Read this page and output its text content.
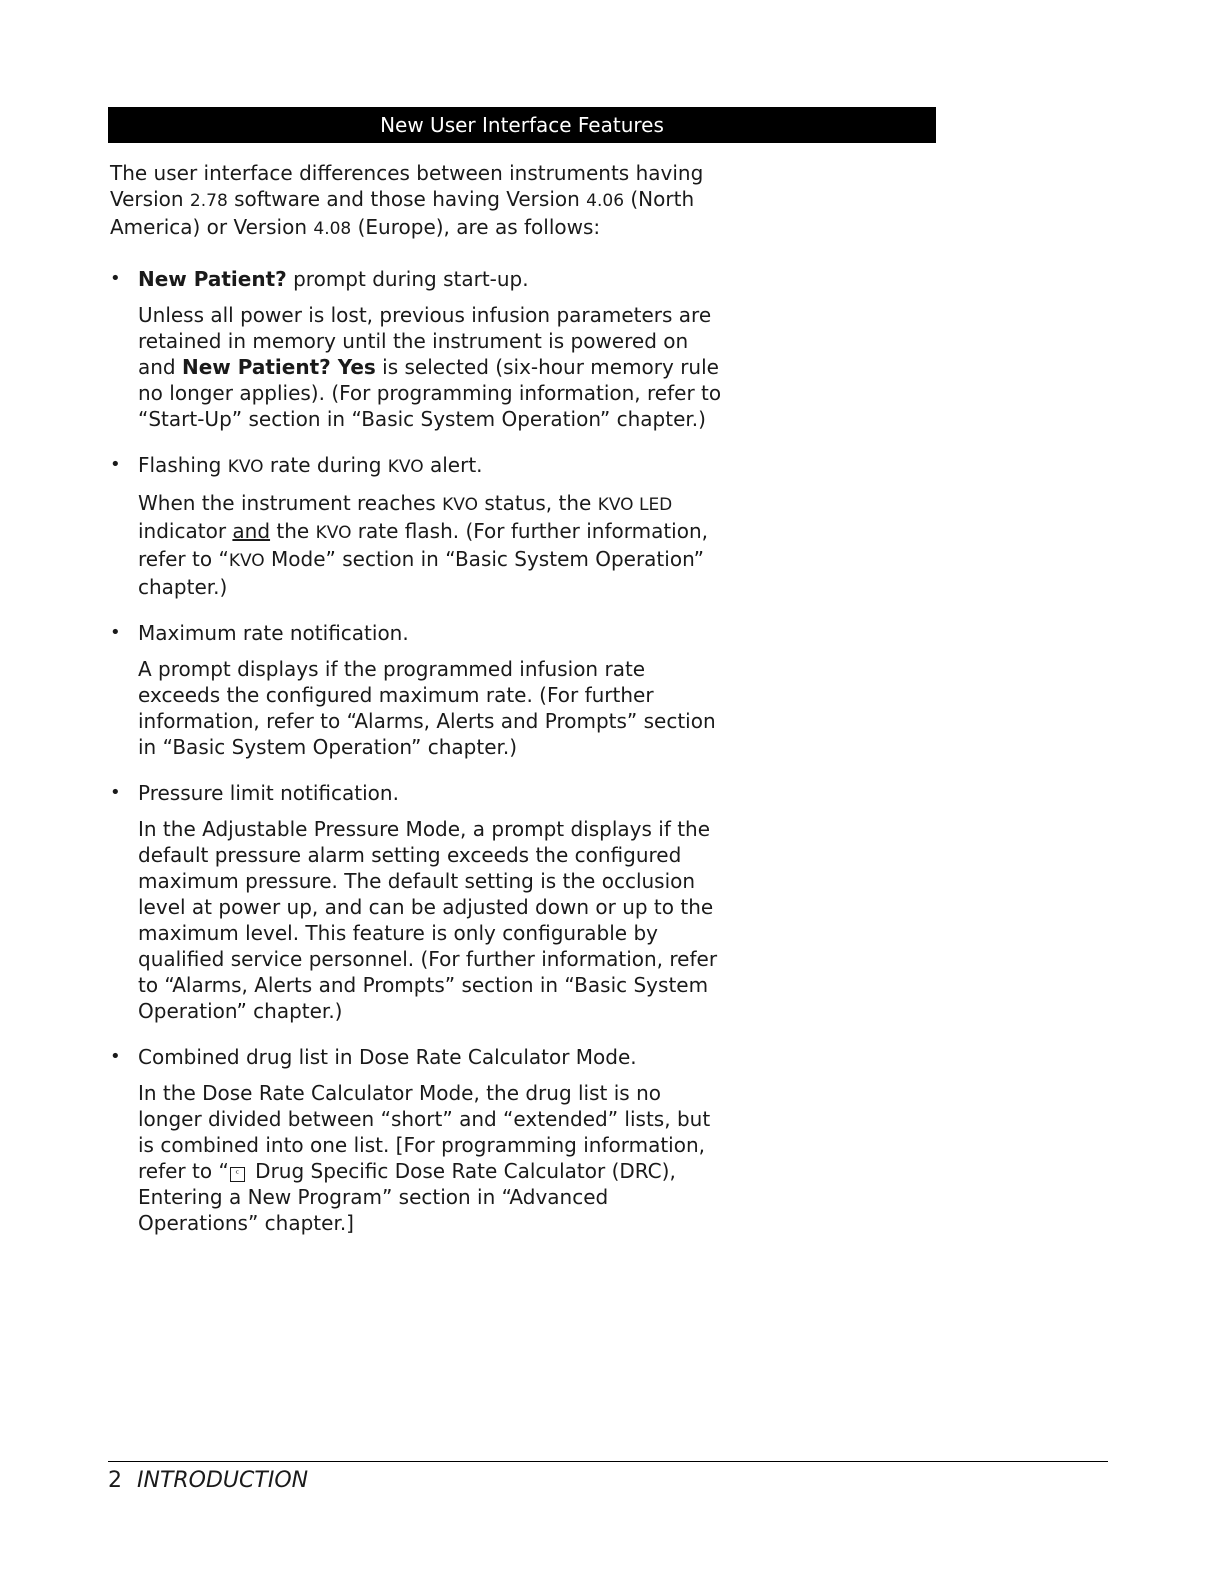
New User Interface Features

The user interface differences between instruments having Version 2.78 software and those having Version 4.06 (North America) or Version 4.08 (Europe), are as follows:

• New Patient? prompt during start-up.

Unless all power is lost, previous infusion parameters are retained in memory until the instrument is powered on and New Patient? Yes is selected (six-hour memory rule no longer applies). (For programming information, refer to “Start-Up” section in “Basic System Operation” chapter.)

• Flashing KVO rate during KVO alert.

When the instrument reaches KVO status, the KVO LED indicator and the KVO rate flash. (For further information, refer to “KVO Mode” section in “Basic System Operation” chapter.)

• Maximum rate notification.

A prompt displays if the programmed infusion rate exceeds the configured maximum rate. (For further information, refer to “Alarms, Alerts and Prompts” section in “Basic System Operation” chapter.)

• Pressure limit notification.

In the Adjustable Pressure Mode, a prompt displays if the default pressure alarm setting exceeds the configured maximum pressure. The default setting is the occlusion level at power up, and can be adjusted down or up to the maximum level. This feature is only configurable by qualified service personnel. (For further information, refer to “Alarms, Alerts and Prompts” section in “Basic System Operation” chapter.)

• Combined drug list in Dose Rate Calculator Mode.

In the Dose Rate Calculator Mode, the drug list is no longer divided between “short” and “extended” lists, but is combined into one list. [For programming information, refer to “ ᶜ Drug Specific Dose Rate Calculator (DRC), Entering a New Program” section in “Advanced Operations” chapter.]

2 INTRODUCTION
